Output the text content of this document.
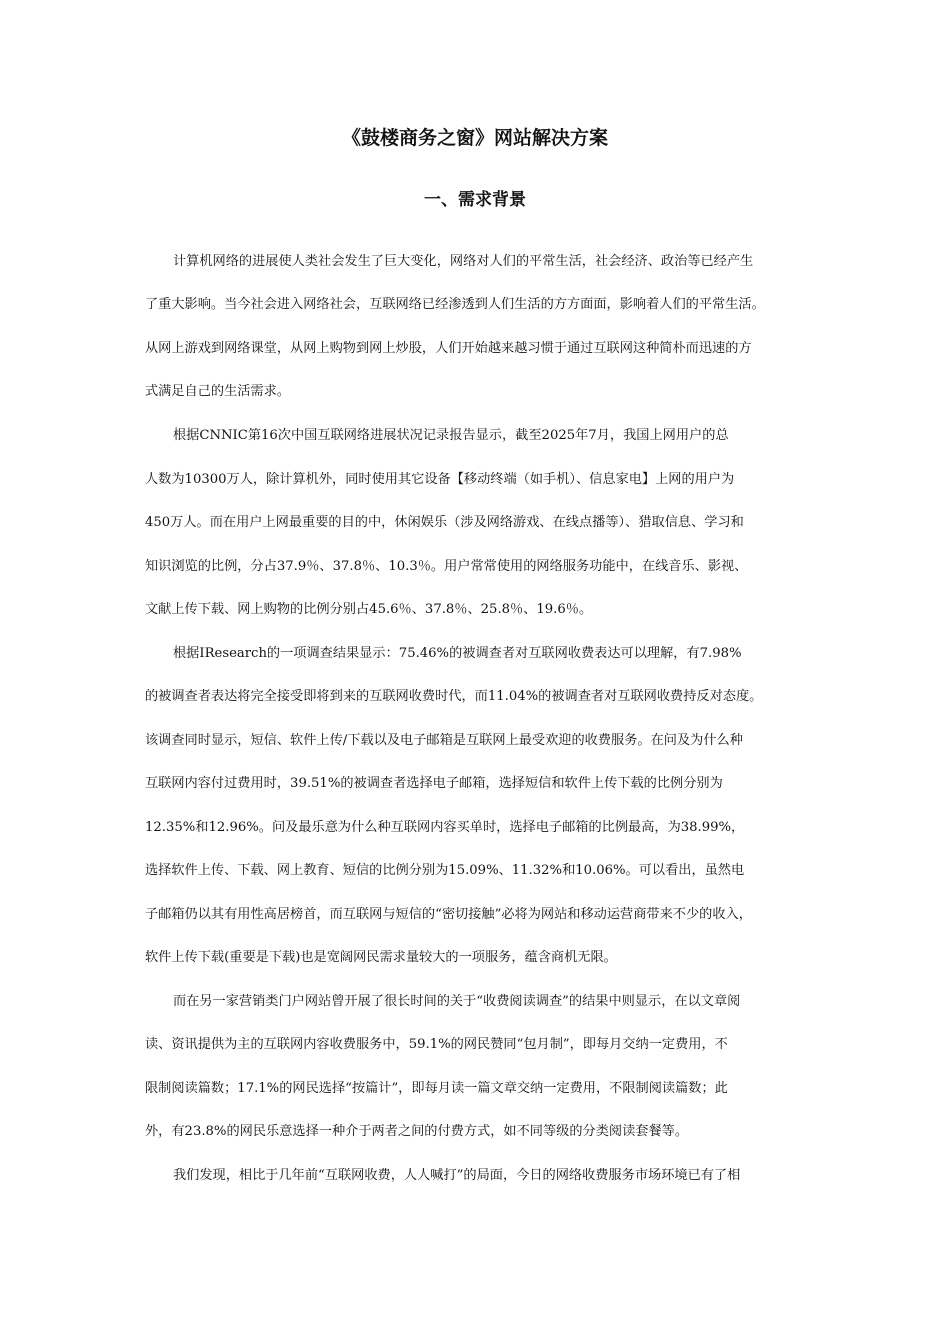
《鼓楼商务之窗》网站解决方案
一、需求背景
计算机网络的进展使人类社会发生了巨大变化，网络对人们的平常生活，社会经济、政治等已经产生
了重大影响。当今社会进入网络社会，互联网络已经渗透到人们生活的方方面面，影响着人们的平常生活。
从网上游戏到网络课堂，从网上购物到网上炒股，人们开始越来越习惯于通过互联网这种简朴而迅速的方
式满足自己的生活需求。
根据CNNIC第16次中国互联网络进展状况记录报告显示，截至2025年7月，我国上网用户的总
人数为10300万人，除计算机外，同时使用其它设备【移动终端（如手机）、信息家电】上网的用户为
450万人。而在用户上网最重要的目的中，休闲娱乐（涉及网络游戏、在线点播等）、猎取信息、学习和
知识浏览的比例，分占37.9％、37.8％、10.3％。用户常常使用的网络服务功能中，在线音乐、影视、
文献上传下载、网上购物的比例分别占45.6％、37.8％、25.8％、19.6％。
根据IResearch的一项调查结果显示：75.46%的被调查者对互联网收费表达可以理解，有7.98%
的被调查者表达将完全接受即将到来的互联网收费时代，而11.04%的被调查者对互联网收费持反对态度。
该调查同时显示，短信、软件上传/下载以及电子邮箱是互联网上最受欢迎的收费服务。在问及为什么种
互联网内容付过费用时，39.51%的被调查者选择电子邮箱，选择短信和软件上传下载的比例分别为
12.35%和12.96%。问及最乐意为什么种互联网内容买单时，选择电子邮箱的比例最高，为38.99%，
选择软件上传、下载、网上教育、短信的比例分别为15.09%、11.32%和10.06%。可以看出，虽然电
子邮箱仍以其有用性高居榜首，而互联网与短信的“密切接触”必将为网站和移动运营商带来不少的收入，
软件上传下载(重要是下载)也是宽阔网民需求量较大的一项服务，蕴含商机无限。
而在另一家营销类门户网站曾开展了很长时间的关于“收费阅读调查”的结果中则显示，在以文章阅
读、资讯提供为主的互联网内容收费服务中，59.1%的网民赞同“包月制”，即每月交纳一定费用，不
限制阅读篇数；17.1%的网民选择“按篇计”，即每月读一篇文章交纳一定费用，不限制阅读篇数；此
外，有23.8%的网民乐意选择一种介于两者之间的付费方式，如不同等级的分类阅读套餐等。
我们发现，相比于几年前“互联网收费，人人喊打”的局面，今日的网络收费服务市场环境已有了相
